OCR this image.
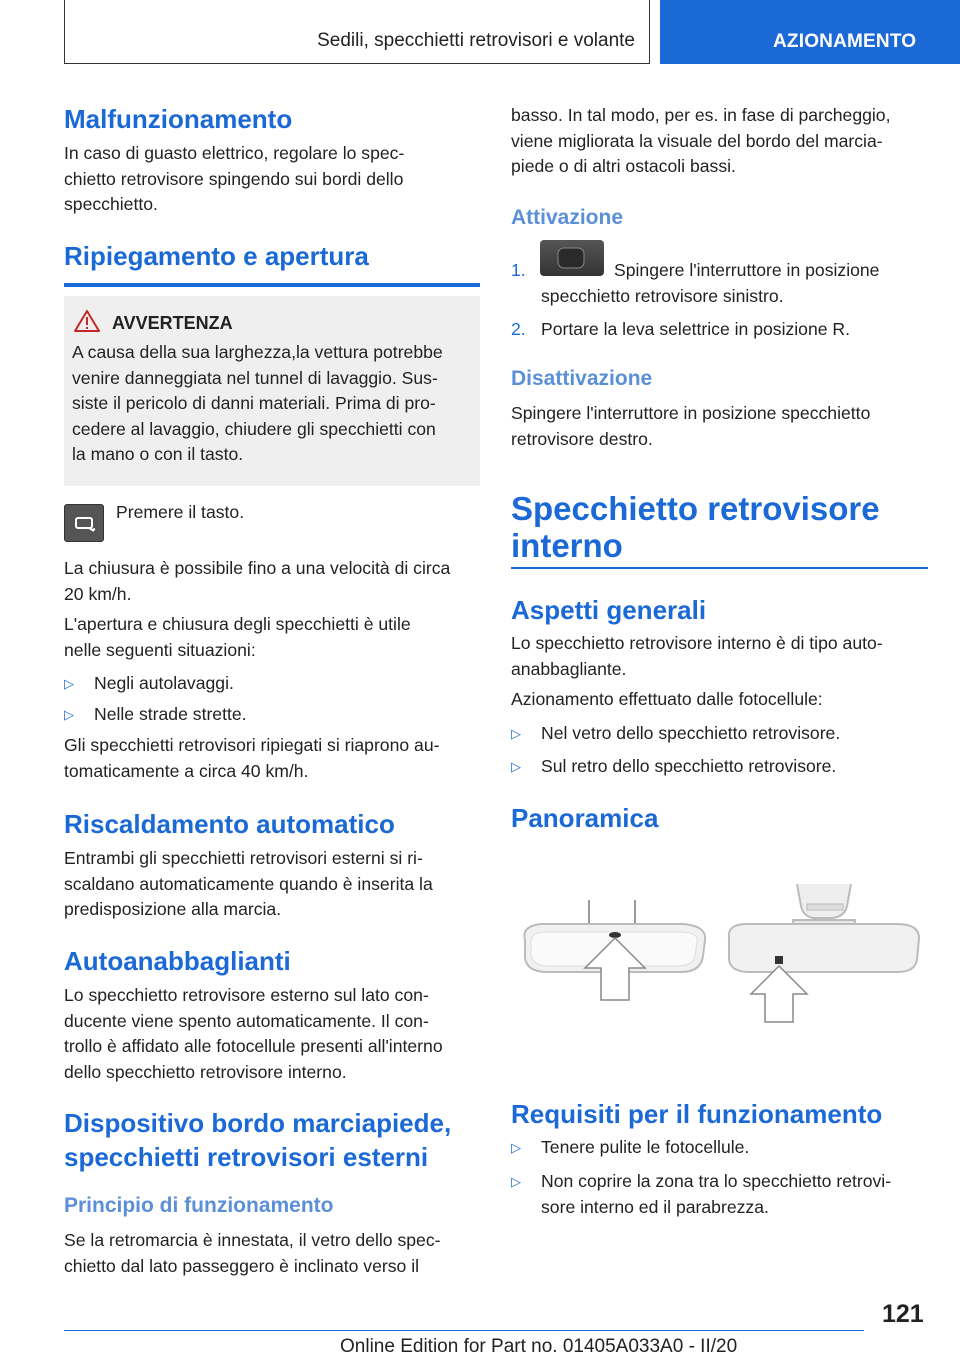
Sedili, specchietti retrovisori e volante	AZIONAMENTO
Malfunzionamento

In caso di guasto elettrico, regolare lo spec-
chietto retrovisore spingendo sui bordi dello
specchietto.

Ripiegamento e apertura
AVVERTENZA

A causa della sua larghezza,la vettura potrebbe
venire danneggiata nel tunnel di lavaggio. Sus-
siste il pericolo di danni materiali. Prima di pro-
cedere al lavaggio, chiudere gli specchietti con
la mano o con il tasto.

Premere il tasto.

La chiusura è possibile fino a una velocità di circa
20 km/h.

L'apertura e chiusura degli specchietti è utile
nelle seguenti situazioni:

▷ Negli autolavaggi.
▷ Nelle strade strette.

Gli specchietti retrovisori ripiegati si riaprono au-
tomaticamente a circa 40 km/h.

Riscaldamento automatico

Entrambi gli specchietti retrovisori esterni si ri-
scaldano automaticamente quando è inserita la
predisposizione alla marcia.

Autoanabbaglianti

Lo specchietto retrovisore esterno sul lato con-
ducente viene spento automaticamente. Il con-
trollo è affidato alle fotocellule presenti all'interno
dello specchietto retrovisore interno.

Dispositivo bordo marciapiede,
specchietti retrovisori esterni
Principio di funzionamento

Se la retromarcia è innestata, il vetro dello spec-
chietto dal lato passeggero è inclinato verso il

basso. In tal modo, per es. in fase di parcheggio,
viene migliorata la visuale del bordo del marcia-
piede o di altri ostacoli bassi.

Attivazione
1.	Spingere l'interruttore in posizione

specchietto retrovisore sinistro.

2. Portare la leva selettrice in posizione R.

Disattivazione

Spingere l'interruttore in posizione specchietto
retrovisore destro.

Specchietto retrovisore
interno
Aspetti generali

Lo specchietto retrovisore interno è di tipo auto-
anabbagliante.

Azionamento effettuato dalle fotocellule:

▷ Nel vetro dello specchietto retrovisore.
▷ Sul retro dello specchietto retrovisore.
Panoramica
Requisiti per il funzionamento
▷ Tenere pulite le fotocellule.
▷ Non coprire la zona tra lo specchietto retrovi-

sore interno ed il parabrezza.

121
Online Edition for Part no. 01405A033A0 - II/20
